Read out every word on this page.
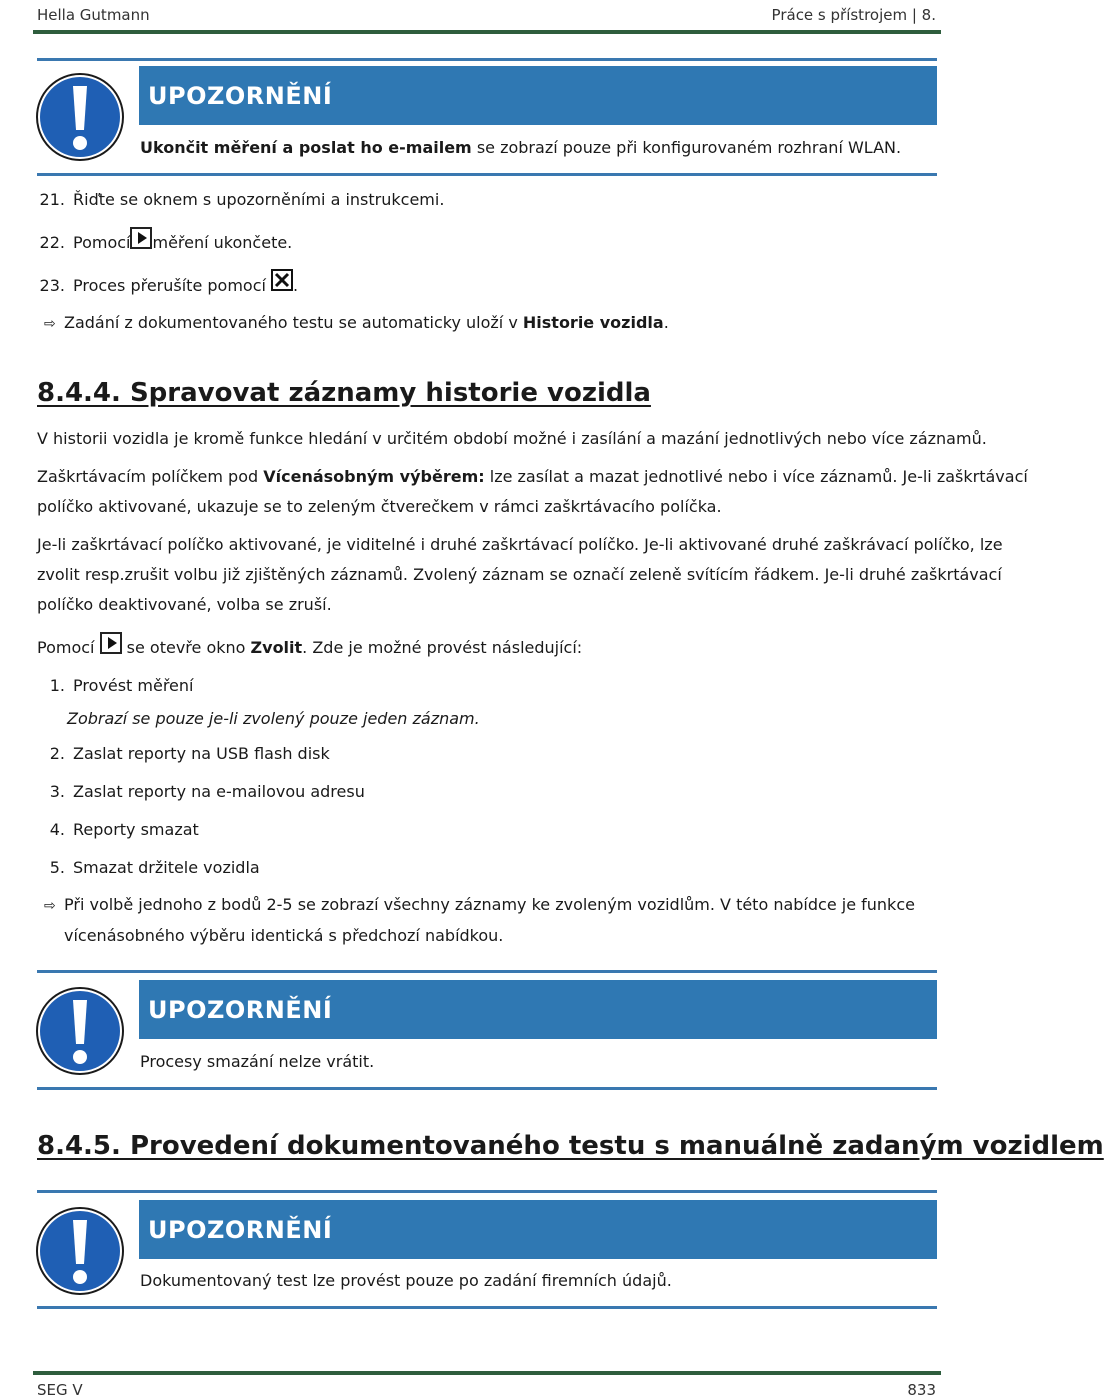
Hella Gutmann	Práce s přístrojem | 8.
UPOZORNĚNÍ
Ukončit měření a poslat ho e-mailem se zobrazí pouze při konfigurovaném rozhraní WLAN.
21. Řiďte se oknem s upozorněními a instrukcemi.
22. Pomocí měření ukončete.
23. Proces přerušíte pomocí .
⇨ Zadání z dokumentovaného testu se automaticky uloží v Historie vozidla.
8.4.4. Spravovat záznamy historie vozidla
V historii vozidla je kromě funkce hledání v určitém období možné i zasílání a mazání jednotlivých nebo více záznamů.
Zaškrtávacím políčkem pod Vícenásobným výběrem: lze zasílat a mazat jednotlivé nebo i více záznamů. Je-li zaškrtávací
políčko aktivované, ukazuje se to zeleným čtverečkem v rámci zaškrtávacího políčka.
Je-li zaškrtávací políčko aktivované, je viditelné i druhé zaškrtávací políčko. Je-li aktivované druhé zaškrávací políčko, lze
zvolit resp.zrušit volbu již zjištěných záznamů. Zvolený záznam se označí zeleně svítícím řádkem. Je-li druhé zaškrtávací
políčko deaktivované, volba se zruší.
Pomocí  se otevře okno Zvolit. Zde je možné provést následující:
1. Provést měření
Zobrazí se pouze je-li zvolený pouze jeden záznam.
2. Zaslat reporty na USB flash disk
3. Zaslat reporty na e-mailovou adresu
4. Reporty smazat
5. Smazat držitele vozidla
⇨ Při volbě jednoho z bodů 2-5 se zobrazí všechny záznamy ke zvoleným vozidlům. V této nabídce je funkce
vícenásobného výběru identická s předchozí nabídkou.
UPOZORNĚNÍ
Procesy smazání nelze vrátit.
8.4.5. Provedení dokumentovaného testu s manuálně zadaným vozidlem
UPOZORNĚNÍ
Dokumentovaný test lze provést pouze po zadání firemních údajů.
SEG V	833
